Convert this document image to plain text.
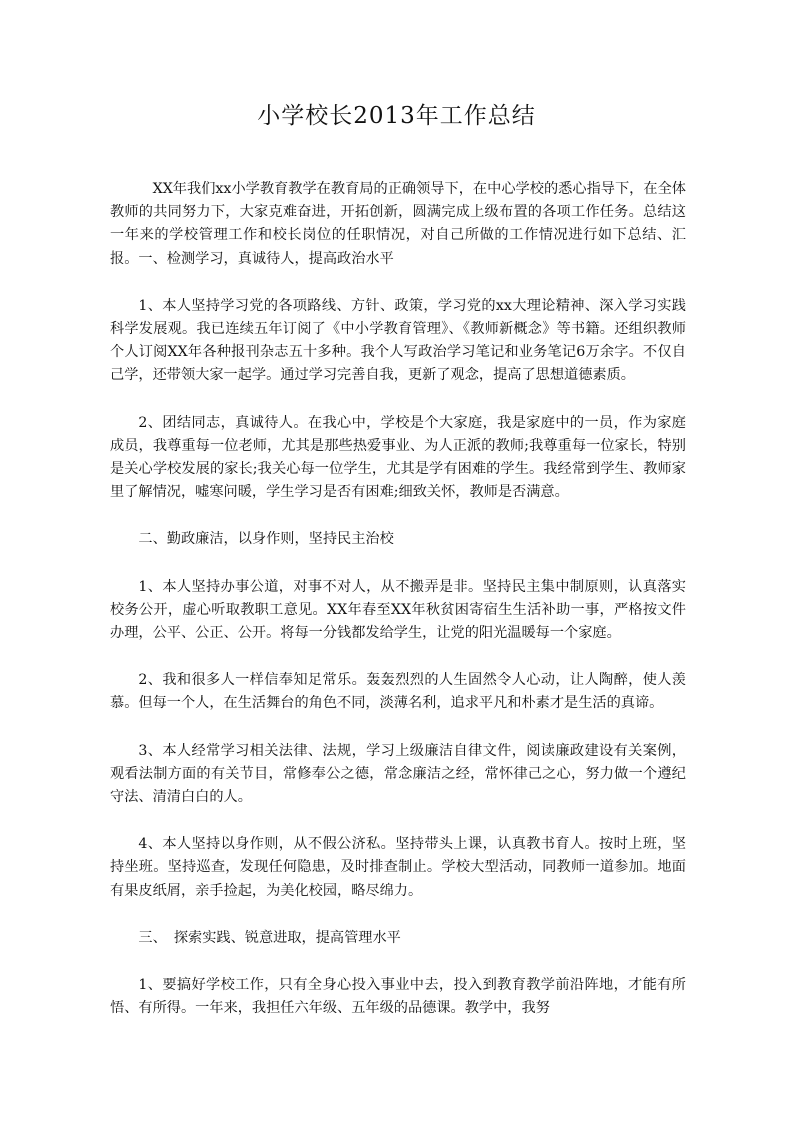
小学校长2013年工作总结

XX年我们xx小学教育教学在教育局的正确领导下，在中心学校的悉心指导下，在全体教师的共同努力下，大家克难奋进，开拓创新，圆满完成上级布置的各项工作任务。总结这一年来的学校管理工作和校长岗位的任职情况，对自己所做的工作情况进行如下总结、汇报。一、检测学习，真诚待人，提高政治水平

1、本人坚持学习党的各项路线、方针、政策，学习党的xx大理论精神、深入学习实践科学发展观。我已连续五年订阅了《中小学教育管理》、《教师新概念》等书籍。还组织教师个人订阅XX年各种报刊杂志五十多种。我个人写政治学习笔记和业务笔记6万余字。不仅自己学，还带领大家一起学。通过学习完善自我，更新了观念，提高了思想道德素质。

2、团结同志，真诚待人。在我心中，学校是个大家庭，我是家庭中的一员，作为家庭成员，我尊重每一位老师，尤其是那些热爱事业、为人正派的教师;我尊重每一位家长，特别是关心学校发展的家长;我关心每一位学生，尤其是学有困难的学生。我经常到学生、教师家里了解情况，嘘寒问暖，学生学习是否有困难;细致关怀，教师是否满意。

二、勤政廉洁，以身作则，坚持民主治校

1、本人坚持办事公道，对事不对人，从不搬弄是非。坚持民主集中制原则，认真落实校务公开，虚心听取教职工意见。XX年春至XX年秋贫困寄宿生生活补助一事，严格按文件办理，公平、公正、公开。将每一分钱都发给学生，让党的阳光温暖每一个家庭。

2、我和很多人一样信奉知足常乐。轰轰烈烈的人生固然令人心动，让人陶醉，使人羡慕。但每一个人，在生活舞台的角色不同，淡薄名利，追求平凡和朴素才是生活的真谛。

3、本人经常学习相关法律、法规，学习上级廉洁自律文件，阅读廉政建设有关案例，观看法制方面的有关节目，常修奉公之德，常念廉洁之经，常怀律己之心，努力做一个遵纪守法、清清白白的人。

4、本人坚持以身作则，从不假公济私。坚持带头上课，认真教书育人。按时上班，坚持坐班。坚持巡查，发现任何隐患，及时排查制止。学校大型活动，同教师一道参加。地面有果皮纸屑，亲手捡起，为美化校园，略尽绵力。

三、　探索实践、锐意进取，提高管理水平

1、要搞好学校工作，只有全身心投入事业中去，投入到教育教学前沿阵地，才能有所悟、有所得。一年来，我担任六年级、五年级的品德课。教学中，我努
